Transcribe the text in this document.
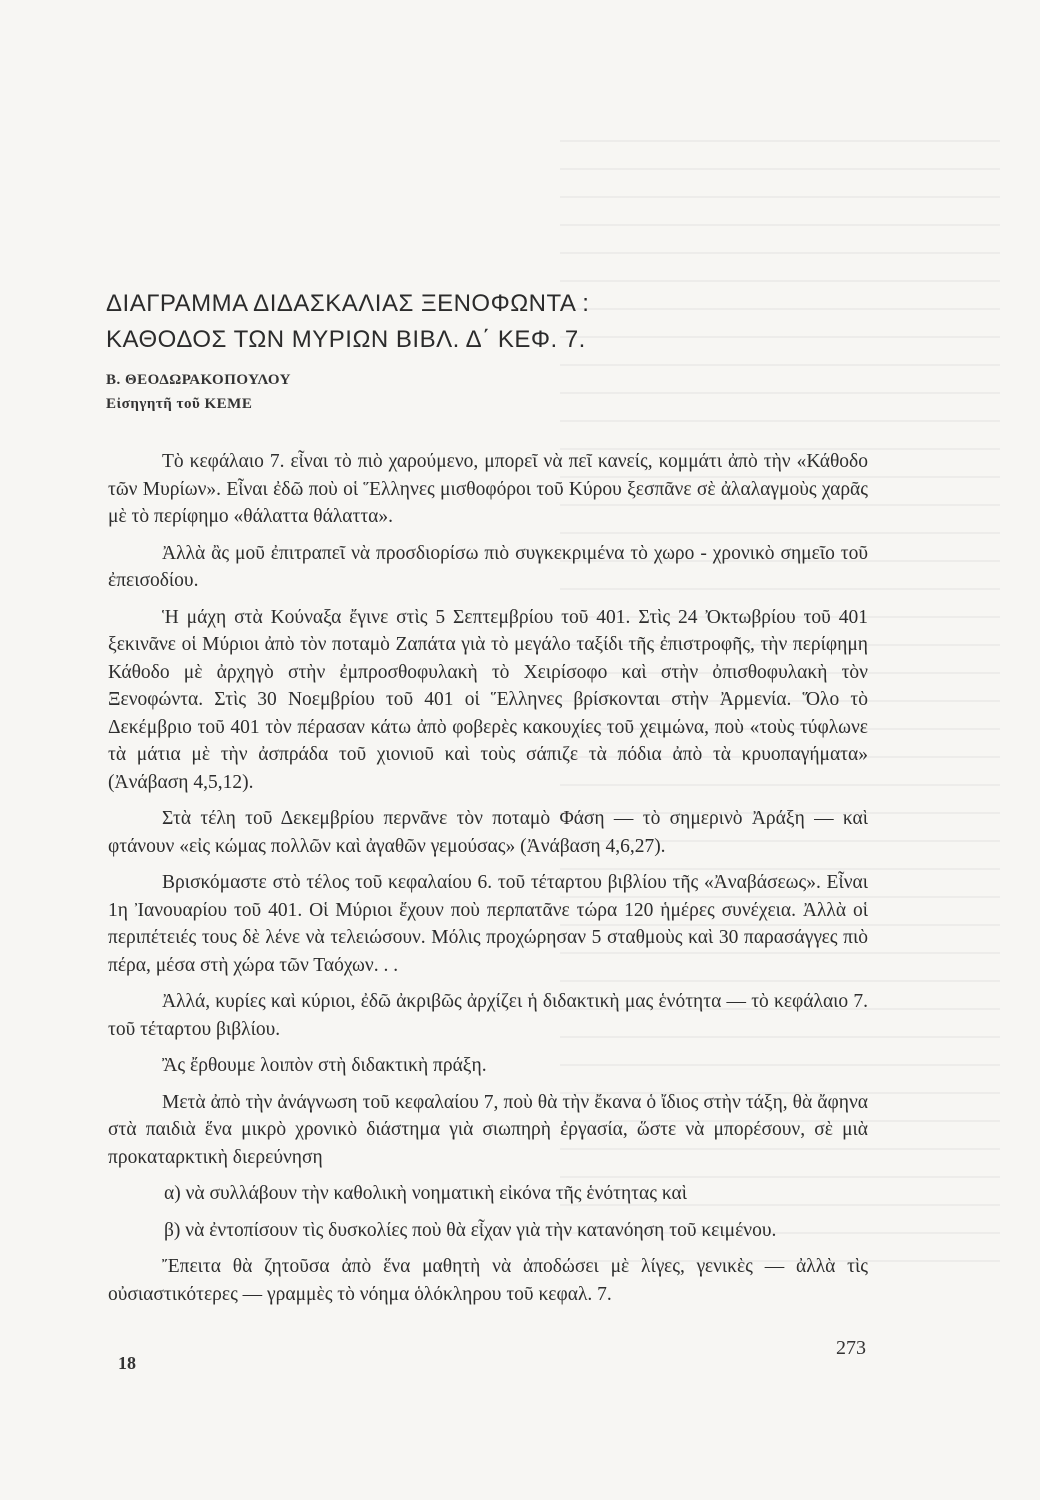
ΔΙΑΓΡΑΜΜΑ ΔΙΔΑΣΚΑΛΙΑΣ ΞΕΝΟΦΩΝΤΑ :
ΚΑΘΟΔΟΣ ΤΩΝ ΜΥΡΙΩΝ ΒΙΒΛ. Δ΄ ΚΕΦ. 7.
Β. ΘΕΟΔΩΡΑΚΟΠΟΥΛΟΥ
Εἰσηγητῆ τοῦ ΚΕΜΕ

Τὸ κεφάλαιο 7. εἶναι τὸ πιὸ χαρούμενο, μπορεῖ νὰ πεῖ κανείς, κομμάτι ἀπὸ τὴν «Κάθοδο τῶν Μυρίων». Εἶναι ἐδῶ ποὺ οἱ Ἕλληνες μισθοφόροι τοῦ Κύρου ξεσπᾶνε σὲ ἀλαλαγμοὺς χαρᾶς μὲ τὸ περίφημο «θάλαττα θάλαττα».

Ἀλλὰ ἂς μοῦ ἐπιτραπεῖ νὰ προσδιορίσω πιὸ συγκεκριμένα τὸ χωρο - χρονικὸ σημεῖο τοῦ ἐπεισοδίου.

Ἡ μάχη στὰ Κούναξα ἔγινε στὶς 5 Σεπτεμβρίου τοῦ 401. Στὶς 24 Ὀκτωβρίου τοῦ 401 ξεκινᾶνε οἱ Μύριοι ἀπὸ τὸν ποταμὸ Ζαπάτα γιὰ τὸ μεγάλο ταξίδι τῆς ἐπιστροφῆς, τὴν περίφημη Κάθοδο μὲ ἀρχηγὸ στὴν ἐμπροσθοφυλακὴ τὸ Χειρίσοφο καὶ στὴν ὀπισθοφυλακὴ τὸν Ξενοφώντα. Στὶς 30 Νοεμβρίου τοῦ 401 οἱ Ἕλληνες βρίσκονται στὴν Ἀρμενία. Ὅλο τὸ Δεκέμβριο τοῦ 401 τὸν πέρασαν κάτω ἀπὸ φοβερὲς κακουχίες τοῦ χειμώνα, ποὺ «τοὺς τύφλωνε τὰ μάτια μὲ τὴν ἀσπράδα τοῦ χιονιοῦ καὶ τοὺς σάπιζε τὰ πόδια ἀπὸ τὰ κρυοπαγήματα» (Ἀνάβαση 4,5,12).

Στὰ τέλη τοῦ Δεκεμβρίου περνᾶνε τὸν ποταμὸ Φάση — τὸ σημερινὸ Ἀράξη — καὶ φτάνουν «εἰς κώμας πολλῶν καὶ ἀγαθῶν γεμούσας» (Ἀνάβαση 4,6,27).

Βρισκόμαστε στὸ τέλος τοῦ κεφαλαίου 6. τοῦ τέταρτου βιβλίου τῆς «Ἀναβάσεως». Εἶναι 1η Ἰανουαρίου τοῦ 401. Οἱ Μύριοι ἔχουν ποὺ περπατᾶνε τώρα 120 ἡμέρες συνέχεια. Ἀλλὰ οἱ περιπέτειές τους δὲ λένε νὰ τελειώσουν. Μόλις προχώρησαν 5 σταθμοὺς καὶ 30 παρασάγγες πιὸ πέρα, μέσα στὴ χώρα τῶν Ταόχων. . .

Ἀλλά, κυρίες καὶ κύριοι, ἐδῶ ἀκριβῶς ἀρχίζει ἡ διδακτικὴ μας ἑνότητα — τὸ κεφάλαιο 7. τοῦ τέταρτου βιβλίου.

Ἂς ἔρθουμε λοιπὸν στὴ διδακτικὴ πράξη.

Μετὰ ἀπὸ τὴν ἀνάγνωση τοῦ κεφαλαίου 7, ποὺ θὰ τὴν ἔκανα ὁ ἴδιος στὴν τάξη, θὰ ἄφηνα στὰ παιδιὰ ἕνα μικρὸ χρονικὸ διάστημα γιὰ σιωπηρὴ ἐργασία, ὥστε νὰ μπορέσουν, σὲ μιὰ προκαταρκτικὴ διερεύνηση

α) νὰ συλλάβουν τὴν καθολικὴ νοηματικὴ εἰκόνα τῆς ἑνότητας καὶ

β) νὰ ἐντοπίσουν τὶς δυσκολίες ποὺ θὰ εἶχαν γιὰ τὴν κατανόηση τοῦ κειμένου.

Ἔπειτα θὰ ζητοῦσα ἀπὸ ἕνα μαθητὴ νὰ ἀποδώσει μὲ λίγες, γενικὲς — ἀλλὰ τὶς οὐσιαστικότερες — γραμμὲς τὸ νόημα ὁλόκληρου τοῦ κεφαλ. 7.

18
273
